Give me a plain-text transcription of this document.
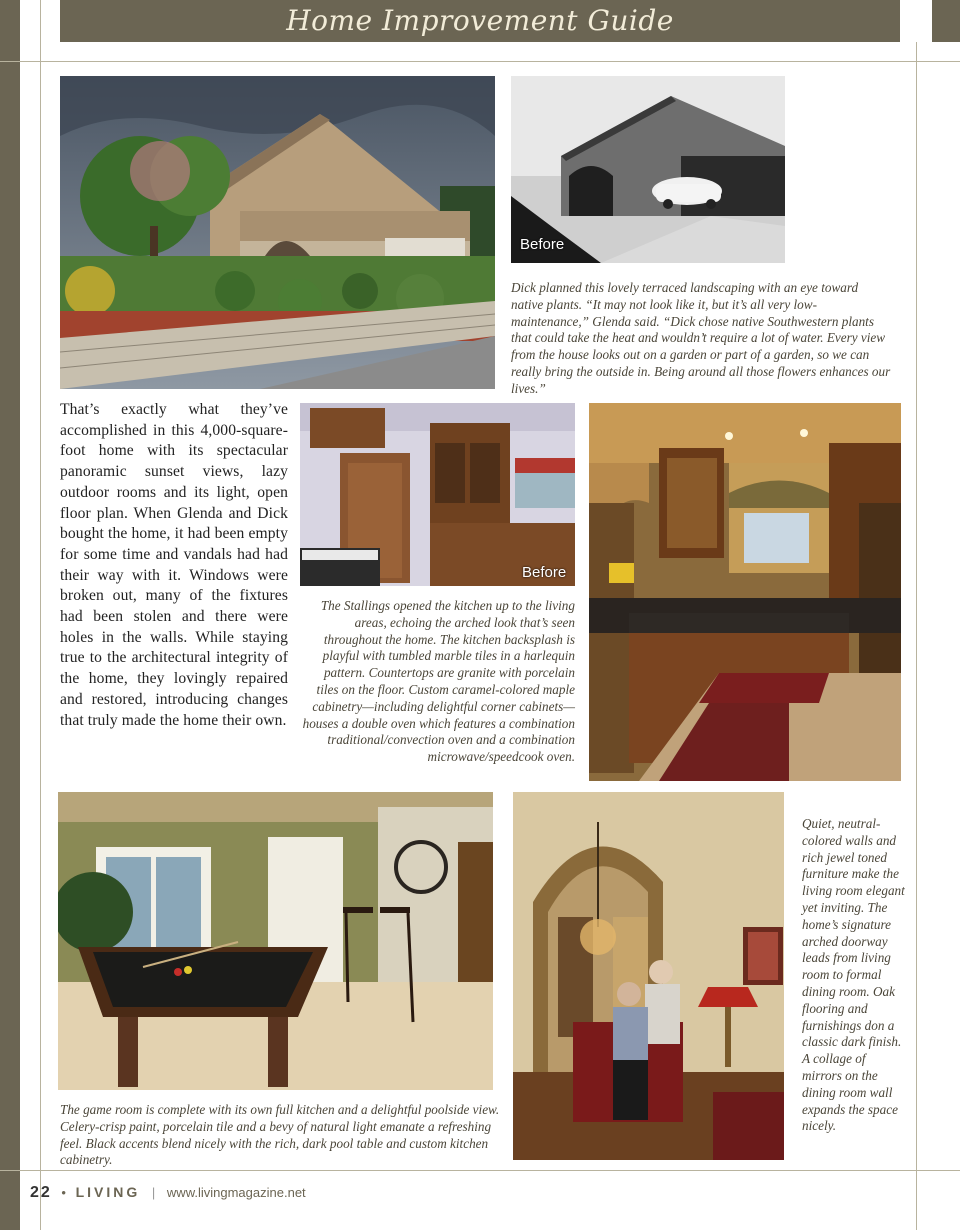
Home Improvement Guide
Before

Dick planned this lovely terraced landscaping with an eye toward native plants. “It may not look like it, but it’s all very low-maintenance,” Glenda said. “Dick chose native Southwestern plants that could take the heat and wouldn’t require a lot of water. Every view from the house looks out on a garden or part of a garden, so we can really bring the outside in. Being around all those flowers enhances our lives.”

That’s exactly what they’ve accomplished in this 4,000-square-foot home with its spectacular panoramic sunset views, lazy outdoor rooms and its light, open floor plan. When Glenda and Dick bought the home, it had been empty for some time and vandals had had their way with it. Windows were broken out, many of the fixtures had been stolen and there were holes in the walls. While staying true to the architectural integrity of the home, they lovingly repaired and restored, introducing changes that truly made the home their own.
Before

The Stallings opened the kitchen up to the living areas, echoing the arched look that’s seen throughout the home. The kitchen backsplash is playful with tumbled marble tiles in a harlequin pattern. Countertops are granite with porcelain tiles on the floor. Custom caramel-colored maple cabinetry—including delightful corner cabinets—houses a double oven which features a combination traditional/convection oven and a combination microwave/speedcook oven.

The game room is complete with its own full kitchen and a delightful poolside view. Celery-crisp paint, porcelain tile and a bevy of natural light emanate a refreshing feel. Black accents blend nicely with the rich, dark pool table and custom kitchen cabinetry.

Quiet, neutral-colored walls and rich jewel toned furniture make the living room elegant yet inviting. The home’s signature arched doorway leads from living room to formal dining room. Oak flooring and furnishings don a classic dark finish. A collage of mirrors on the dining room wall expands the space nicely.

22 • LIVING | www.livingmagazine.net
